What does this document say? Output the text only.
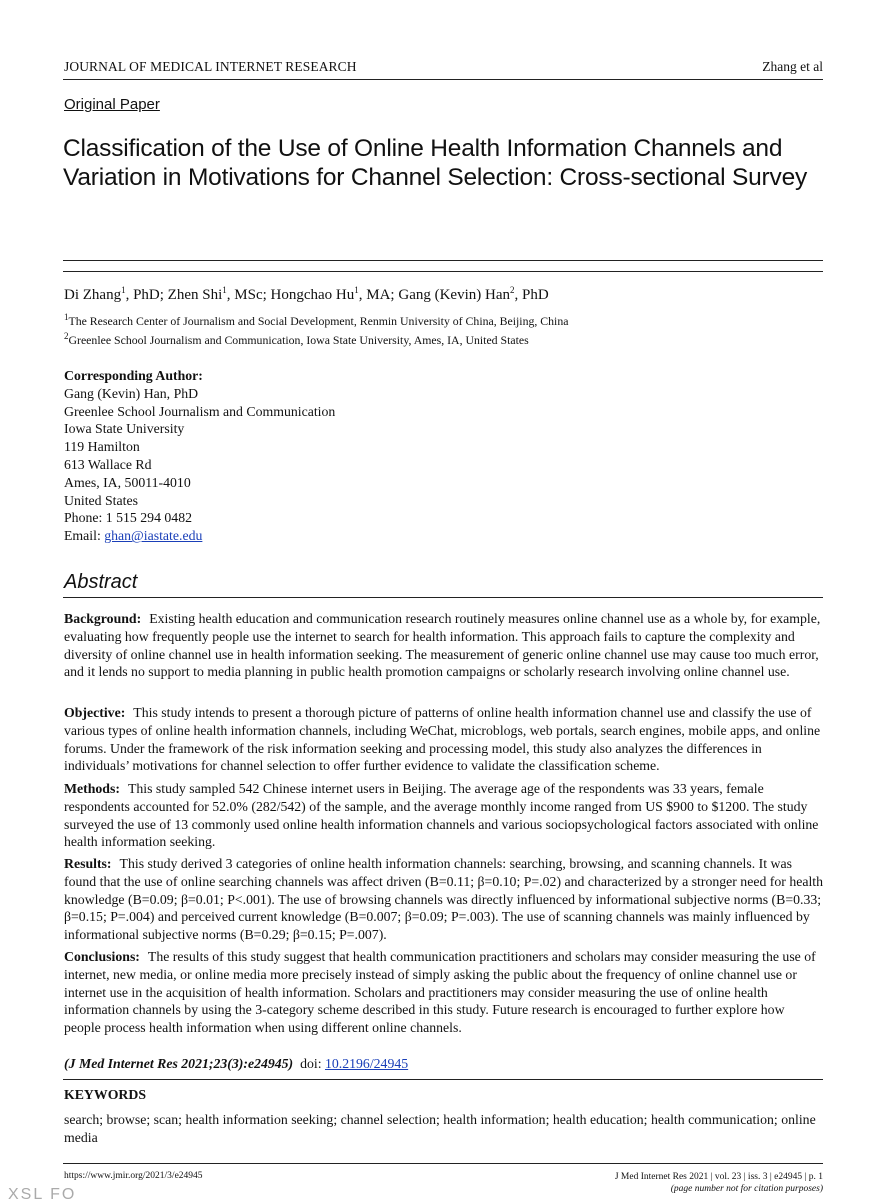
JOURNAL OF MEDICAL INTERNET RESEARCH	Zhang et al
Original Paper
Classification of the Use of Online Health Information Channels and Variation in Motivations for Channel Selection: Cross-sectional Survey
Di Zhang$^1$, PhD; Zhen Shi$^1$, MSc; Hongchao Hu$^1$, MA; Gang (Kevin) Han$^2$, PhD
$^1$The Research Center of Journalism and Social Development, Renmin University of China, Beijing, China
$^2$Greenlee School Journalism and Communication, Iowa State University, Ames, IA, United States
Corresponding Author:
Gang (Kevin) Han, PhD
Greenlee School Journalism and Communication
Iowa State University
119 Hamilton
613 Wallace Rd
Ames, IA, 50011-4010
United States
Phone: 1 515 294 0482
Email: ghan@iastate.edu
Abstract
Background: Existing health education and communication research routinely measures online channel use as a whole by, for example, evaluating how frequently people use the internet to search for health information. This approach fails to capture the complexity and diversity of online channel use in health information seeking. The measurement of generic online channel use may cause too much error, and it lends no support to media planning in public health promotion campaigns or scholarly research involving online channel use.
Objective: This study intends to present a thorough picture of patterns of online health information channel use and classify the use of various types of online health information channels, including WeChat, microblogs, web portals, search engines, mobile apps, and online forums. Under the framework of the risk information seeking and processing model, this study also analyzes the differences in individuals’ motivations for channel selection to offer further evidence to validate the classification scheme.
Methods: This study sampled 542 Chinese internet users in Beijing. The average age of the respondents was 33 years, female respondents accounted for 52.0% (282/542) of the sample, and the average monthly income ranged from US $900 to $1200. The study surveyed the use of 13 commonly used online health information channels and various sociopsychological factors associated with online health information seeking.
Results: This study derived 3 categories of online health information channels: searching, browsing, and scanning channels. It was found that the use of online searching channels was affect driven (B=0.11; β=0.10; P=.02) and characterized by a stronger need for health knowledge (B=0.09; β=0.01; P<.001). The use of browsing channels was directly influenced by informational subjective norms (B=0.33; β=0.15; P=.004) and perceived current knowledge (B=0.007; β=0.09; P=.003). The use of scanning channels was mainly influenced by informational subjective norms (B=0.29; β=0.15; P=.007).
Conclusions: The results of this study suggest that health communication practitioners and scholars may consider measuring the use of internet, new media, or online media more precisely instead of simply asking the public about the frequency of online channel use or internet use in the acquisition of health information. Scholars and practitioners may consider measuring the use of online health information channels by using the 3-category scheme described in this study. Future research is encouraged to further explore how people process health information when using different online channels.
(J Med Internet Res 2021;23(3):e24945) doi: 10.2196/24945
KEYWORDS
search; browse; scan; health information seeking; channel selection; health information; health education; health communication; online media
https://www.jmir.org/2021/3/e24945	J Med Internet Res 2021 | vol. 23 | iss. 3 | e24945 | p. 1
(page number not for citation purposes)
XSL FO
